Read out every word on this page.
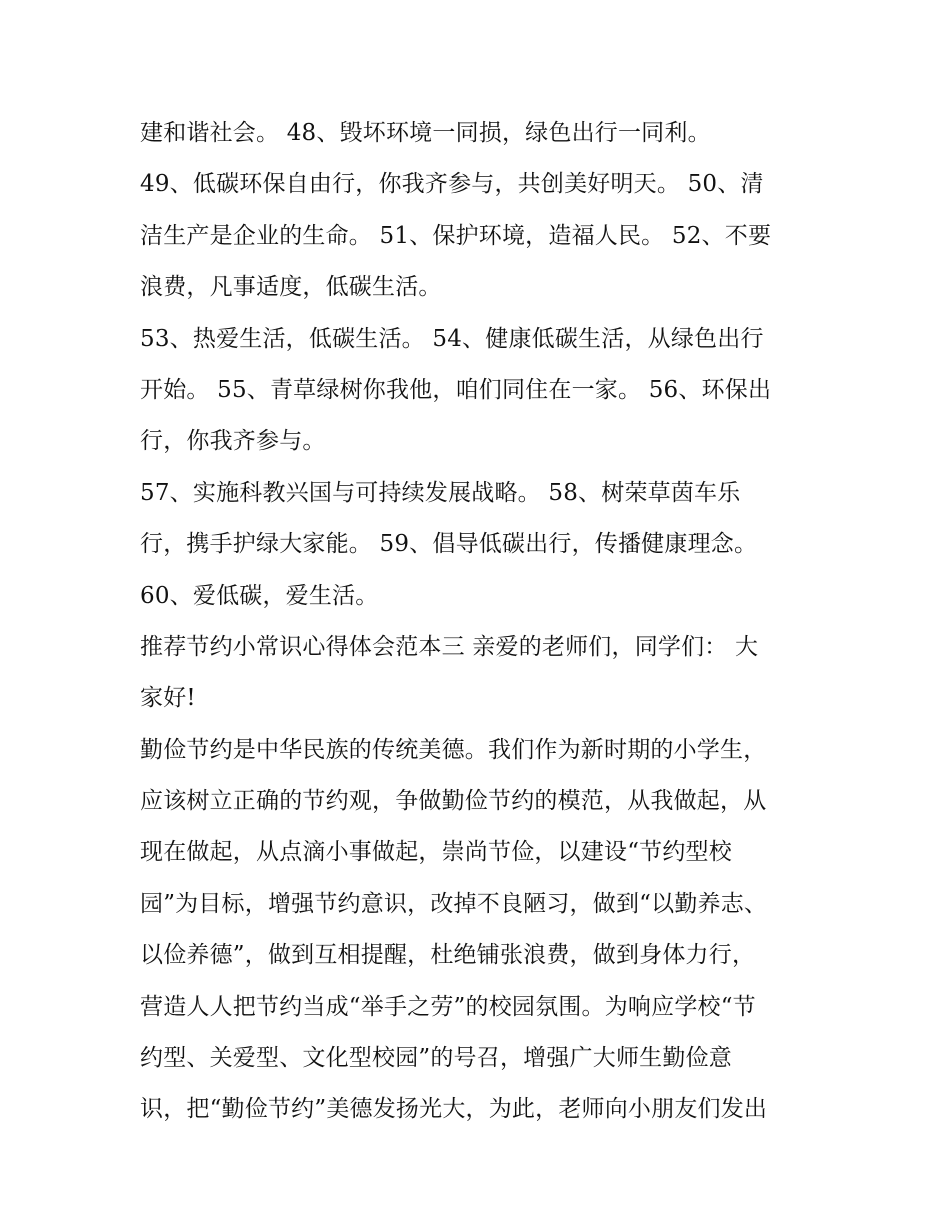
建和谐社会。 48、毁坏环境一同损，绿色出行一同利。
49、低碳环保自由行，你我齐参与，共创美好明天。 50、清
洁生产是企业的生命。 51、保护环境，造福人民。 52、不要
浪费，凡事适度，低碳生活。
53、热爱生活，低碳生活。 54、健康低碳生活，从绿色出行
开始。 55、青草绿树你我他，咱们同住在一家。 56、环保出
行，你我齐参与。
57、实施科教兴国与可持续发展战略。 58、树荣草茵车乐
行，携手护绿大家能。 59、倡导低碳出行，传播健康理念。
60、爱低碳，爱生活。
推荐节约小常识心得体会范本三 亲爱的老师们，同学们： 大
家好!
勤俭节约是中华民族的传统美德。我们作为新时期的小学生，
应该树立正确的节约观，争做勤俭节约的模范，从我做起，从
现在做起，从点滴小事做起，崇尚节俭，以建设“节约型校
园”为目标，增强节约意识，改掉不良陋习，做到“以勤养志、
以俭养德”，做到互相提醒，杜绝铺张浪费，做到身体力行，
营造人人把节约当成“举手之劳”的校园氛围。为响应学校“节
约型、关爱型、文化型校园”的号召，增强广大师生勤俭意
识，把“勤俭节约”美德发扬光大，为此，老师向小朋友们发出
